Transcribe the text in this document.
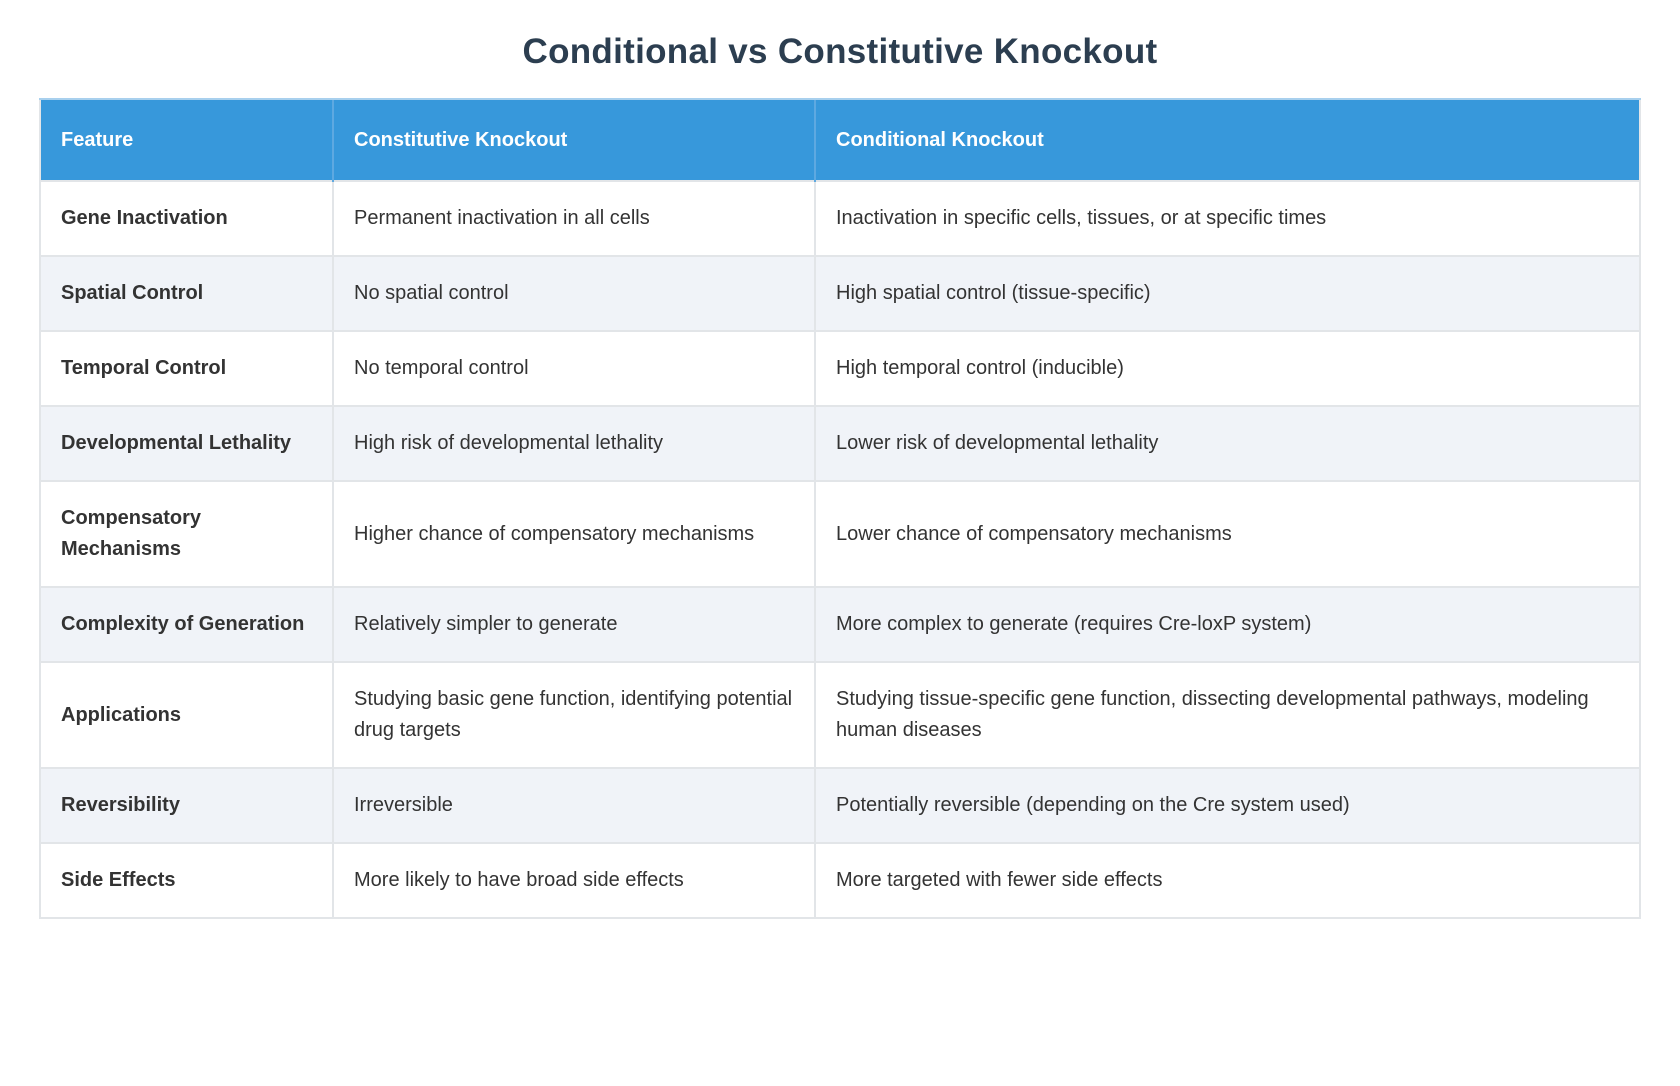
Conditional vs Constitutive Knockout
Feature	Constitutive Knockout	Conditional Knockout
Gene Inactivation	Permanent inactivation in all cells	Inactivation in specific cells, tissues, or at specific times
Spatial Control	No spatial control	High spatial control (tissue-specific)
Temporal Control	No temporal control	High temporal control (inducible)
Developmental Lethality	High risk of developmental lethality	Lower risk of developmental lethality
Compensatory Mechanisms	Higher chance of compensatory mechanisms	Lower chance of compensatory mechanisms
Complexity of Generation	Relatively simpler to generate	More complex to generate (requires Cre-loxP system)
Applications	Studying basic gene function, identifying potential drug targets	Studying tissue-specific gene function, dissecting developmental pathways, modeling human diseases
Reversibility	Irreversible	Potentially reversible (depending on the Cre system used)
Side Effects	More likely to have broad side effects	More targeted with fewer side effects
